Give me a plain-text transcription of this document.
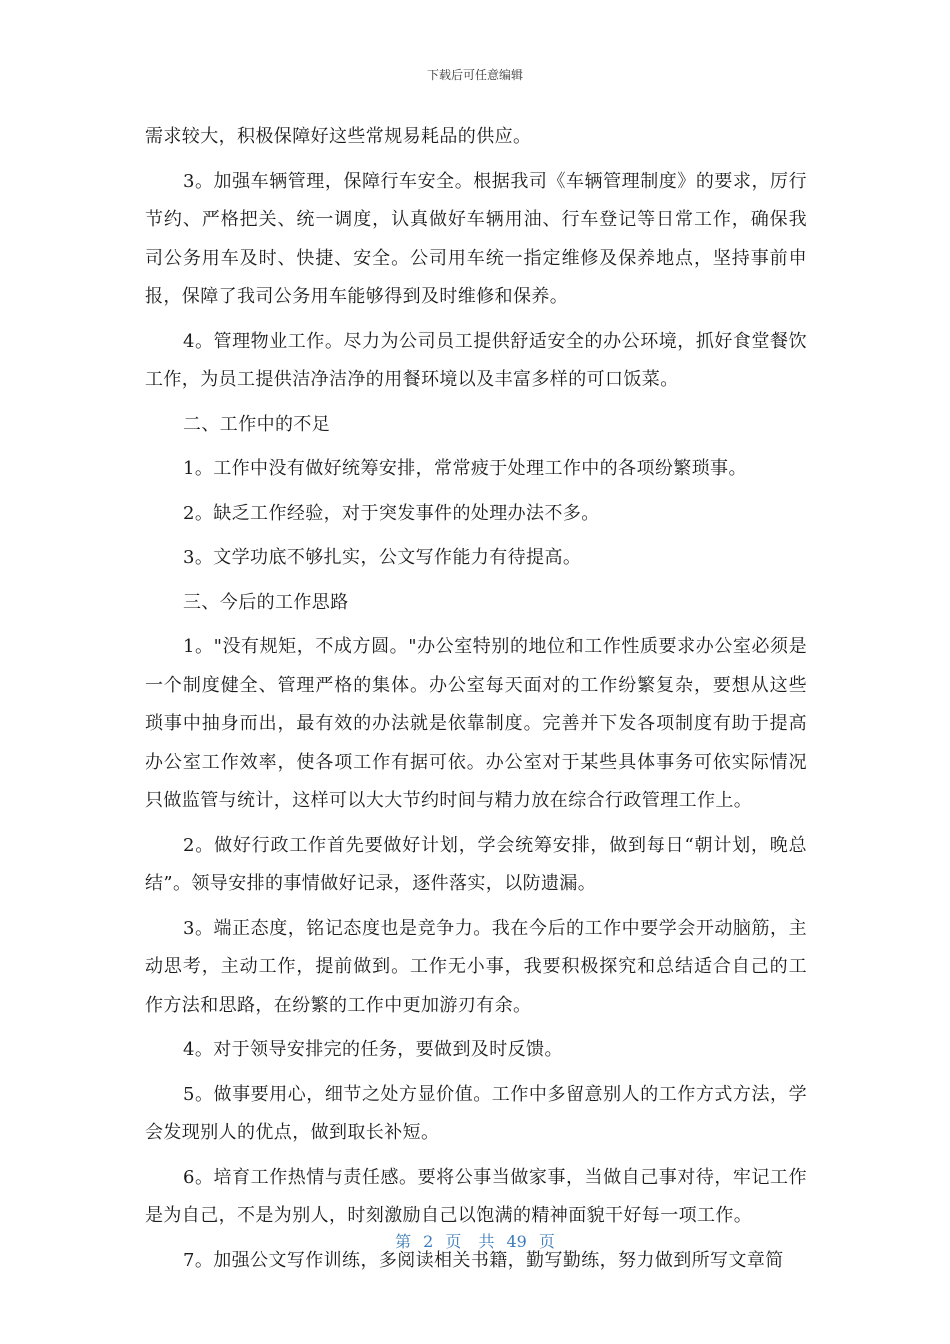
下载后可任意编辑

需求较大，积极保障好这些常规易耗品的供应。

3。加强车辆管理，保障行车安全。根据我司《车辆管理制度》的要求，厉行节约、严格把关、统一调度，认真做好车辆用油、行车登记等日常工作，确保我司公务用车及时、快捷、安全。公司用车统一指定维修及保养地点，坚持事前申报，保障了我司公务用车能够得到及时维修和保养。

4。管理物业工作。尽力为公司员工提供舒适安全的办公环境，抓好食堂餐饮工作，为员工提供洁净洁净的用餐环境以及丰富多样的可口饭菜。

二、工作中的不足

1。工作中没有做好统筹安排，常常疲于处理工作中的各项纷繁琐事。

2。缺乏工作经验，对于突发事件的处理办法不多。

3。文学功底不够扎实，公文写作能力有待提高。

三、今后的工作思路

1。"没有规矩，不成方圆。"办公室特别的地位和工作性质要求办公室必须是一个制度健全、管理严格的集体。办公室每天面对的工作纷繁复杂，要想从这些琐事中抽身而出，最有效的办法就是依靠制度。完善并下发各项制度有助于提高办公室工作效率，使各项工作有据可依。办公室对于某些具体事务可依实际情况只做监管与统计，这样可以大大节约时间与精力放在综合行政管理工作上。

2。做好行政工作首先要做好计划，学会统筹安排，做到每日“朝计划，晚总结”。领导安排的事情做好记录，逐件落实，以防遗漏。

3。端正态度，铭记态度也是竞争力。我在今后的工作中要学会开动脑筋，主动思考，主动工作，提前做到。工作无小事，我要积极探究和总结适合自己的工作方法和思路，在纷繁的工作中更加游刃有余。

4。对于领导安排完的任务，要做到及时反馈。

5。做事要用心，细节之处方显价值。工作中多留意别人的工作方式方法，学会发现别人的优点，做到取长补短。

6。培育工作热情与责任感。要将公事当做家事，当做自己事对待，牢记工作是为自己，不是为别人，时刻激励自己以饱满的精神面貌干好每一项工作。

7。加强公文写作训练，多阅读相关书籍，勤写勤练，努力做到所写文章简

第 2 页 共 49 页
